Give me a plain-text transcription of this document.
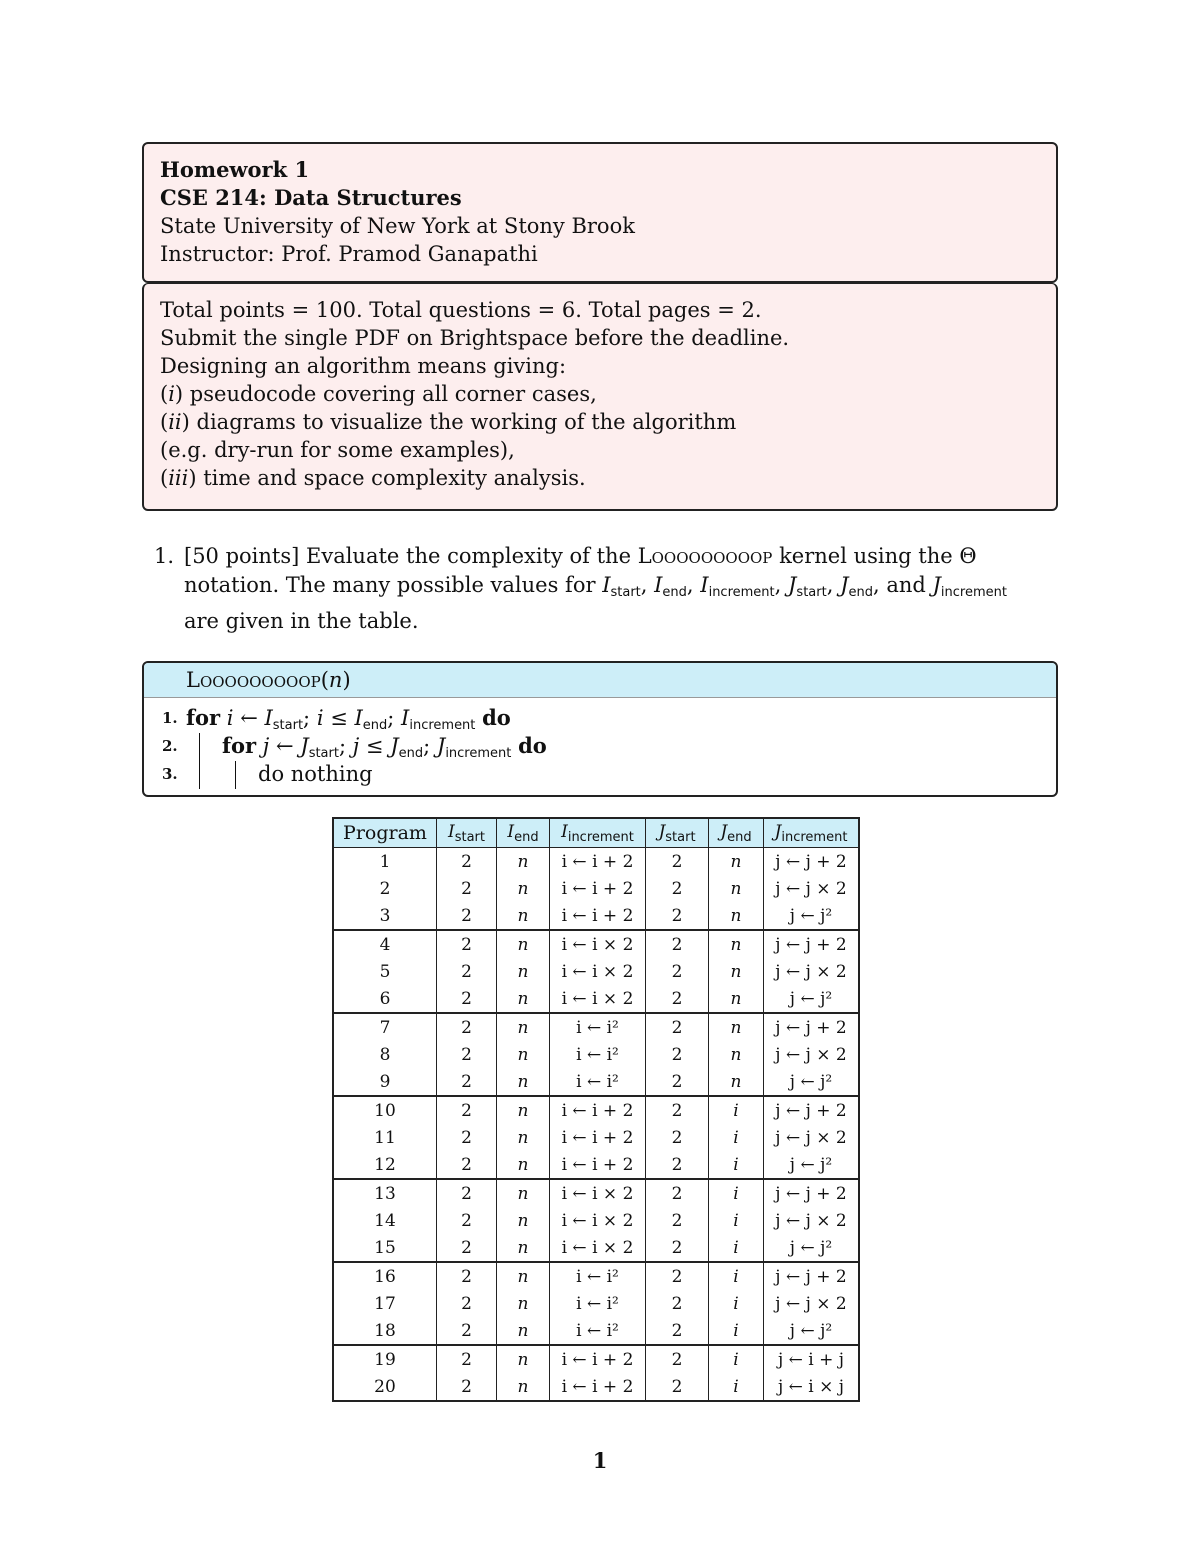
Homework 1
CSE 214: Data Structures
State University of New York at Stony Brook
Instructor: Prof. Pramod Ganapathi
Total points = 100. Total questions = 6. Total pages = 2.
Submit the single PDF on Brightspace before the deadline.
Designing an algorithm means giving:
(i) pseudocode covering all corner cases,
(ii) diagrams to visualize the working of the algorithm
(e.g. dry-run for some examples),
(iii) time and space complexity analysis.
1. [50 points] Evaluate the complexity of the Looooooooop kernel using the Θ
notation. The many possible values for $I_{start}$, $I_{end}$, $I_{increment}$, $J_{start}$, $J_{end}$, and $J_{increment}$
are given in the table.
Looooooooop(n)
1. for i ← $I_{start}$; $i \le I_{end}$; $I_{increment}$ do
2. for j ← $J_{start}$; $j \le J_{end}$; $J_{increment}$ do
3.	do nothing
Program	$I_{start}$	$I_{end}$	$I_{increment}$	$J_{start}$	$J_{end}$	$J_{increment}$
1	2	n	i ← i + 2	2	n	j ← j + 2
2	2	n	i ← i + 2	2	n	j ← j × 2
3	2	n	i ← i + 2	2	n	j ← j²
4	2	n	i ← i × 2	2	n	j ← j + 2
5	2	n	i ← i × 2	2	n	j ← j × 2
6	2	n	i ← i × 2	2	n	j ← j²
7	2	n	i ← i²	2	n	j ← j + 2
8	2	n	i ← i²	2	n	j ← j × 2
9	2	n	i ← i²	2	n	j ← j²
10	2	n	i ← i + 2	2	i	j ← j + 2
11	2	n	i ← i + 2	2	i	j ← j × 2
12	2	n	i ← i + 2	2	i	j ← j²
13	2	n	i ← i × 2	2	i	j ← j + 2
14	2	n	i ← i × 2	2	i	j ← j × 2
15	2	n	i ← i × 2	2	i	j ← j²
16	2	n	i ← i²	2	i	j ← j + 2
17	2	n	i ← i²	2	i	j ← j × 2
18	2	n	i ← i²	2	i	j ← j²
19	2	n	i ← i + 2	2	i	j ← i + j
20	2	n	i ← i + 2	2	i	j ← i × j
1
